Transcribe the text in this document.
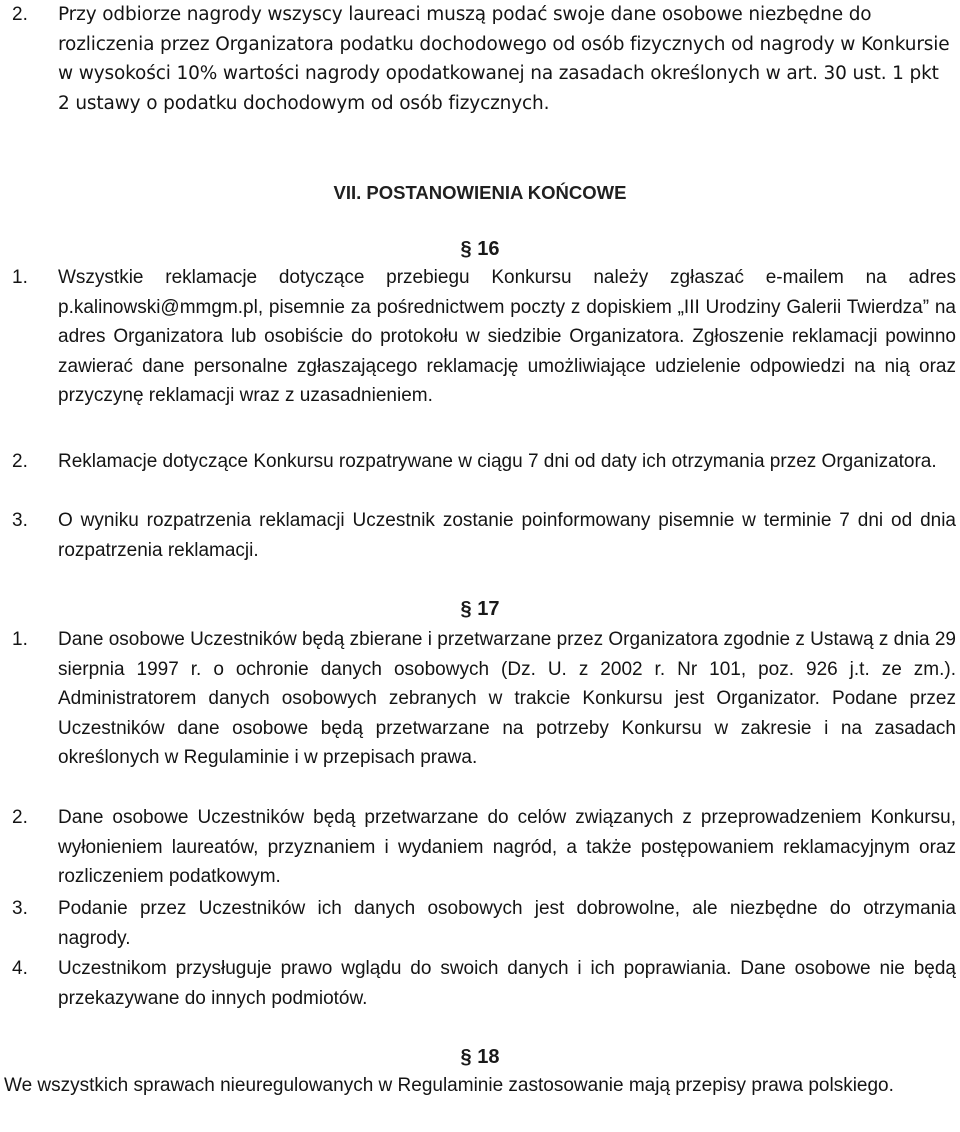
2. Przy odbiorze nagrody wszyscy laureaci muszą podać swoje dane osobowe niezbędne do rozliczenia przez Organizatora podatku dochodowego od osób fizycznych od nagrody w Konkursie w wysokości 10% wartości nagrody opodatkowanej na zasadach określonych w art. 30 ust. 1 pkt 2 ustawy o podatku dochodowym od osób fizycznych.
VII. POSTANOWIENIA KOŃCOWE
§ 16
1. Wszystkie reklamacje dotyczące przebiegu Konkursu należy zgłaszać e-mailem na adres p.kalinowski@mmgm.pl, pisemnie za pośrednictwem poczty z dopiskiem „III Urodziny Galerii Twierdza” na adres Organizatora lub osobiście do protokołu w siedzibie Organizatora. Zgłoszenie reklamacji powinno zawierać dane personalne zgłaszającego reklamację umożliwiające udzielenie odpowiedzi na nią oraz przyczynę reklamacji wraz z uzasadnieniem.
2. Reklamacje dotyczące Konkursu rozpatrywane w ciągu 7 dni od daty ich otrzymania przez Organizatora.
3. O wyniku rozpatrzenia reklamacji Uczestnik zostanie poinformowany pisemnie w terminie 7 dni od dnia rozpatrzenia reklamacji.
§ 17
1. Dane osobowe Uczestników będą zbierane i przetwarzane przez Organizatora zgodnie z Ustawą z dnia 29 sierpnia 1997 r. o ochronie danych osobowych (Dz. U. z 2002 r. Nr 101, poz. 926 j.t. ze zm.). Administratorem danych osobowych zebranych w trakcie Konkursu jest Organizator. Podane przez Uczestników dane osobowe będą przetwarzane na potrzeby Konkursu w zakresie i na zasadach określonych w Regulaminie i w przepisach prawa.
2. Dane osobowe Uczestników będą przetwarzane do celów związanych z przeprowadzeniem Konkursu, wyłonieniem laureatów, przyznaniem i wydaniem nagród, a także postępowaniem reklamacyjnym oraz rozliczeniem podatkowym.
3. Podanie przez Uczestników ich danych osobowych jest dobrowolne, ale niezbędne do otrzymania nagrody.
4. Uczestnikom przysługuje prawo wglądu do swoich danych i ich poprawiania. Dane osobowe nie będą przekazywane do innych podmiotów.
§ 18
We wszystkich sprawach nieuregulowanych w Regulaminie zastosowanie mają przepisy prawa polskiego.
